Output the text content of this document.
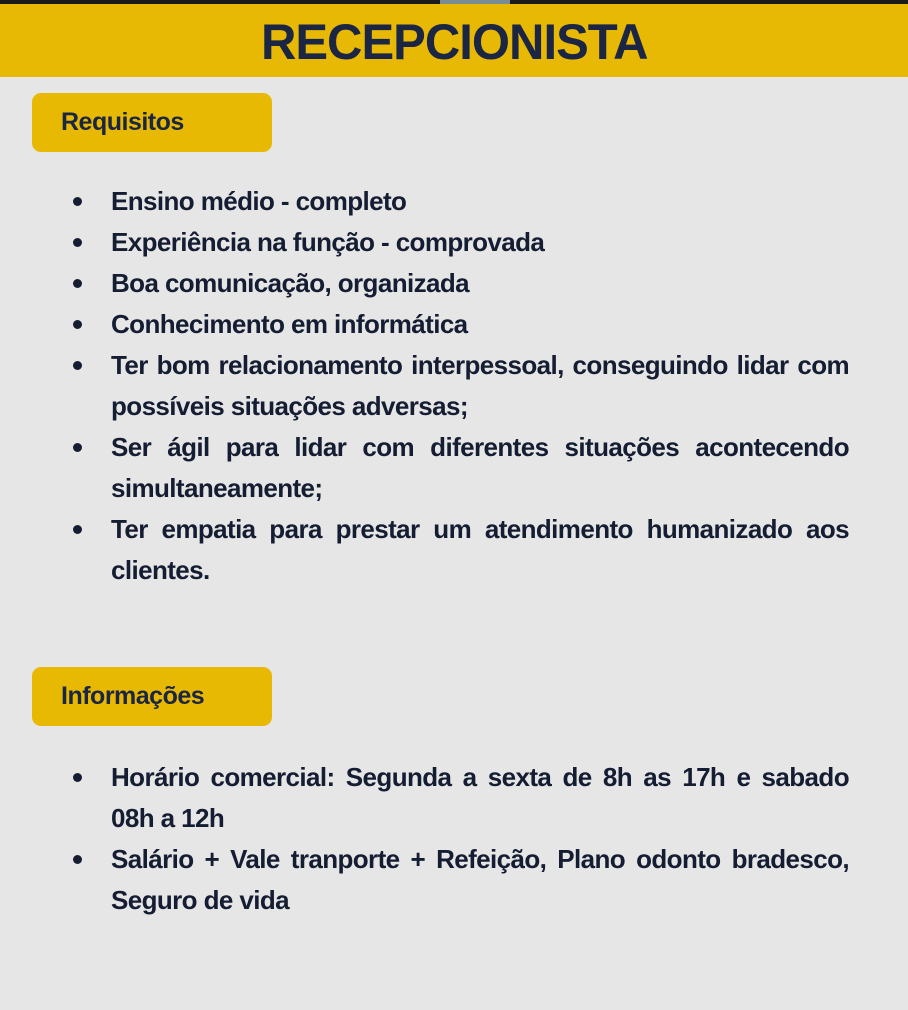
RECEPCIONISTA
Requisitos
Ensino médio - completo
Experiência na função - comprovada
Boa comunicação, organizada
Conhecimento em informática
Ter bom relacionamento interpessoal, conseguindo lidar com possíveis situações adversas;
Ser ágil para lidar com diferentes situações acontecendo simultaneamente;
Ter empatia para prestar um atendimento humanizado aos clientes.
Informações
Horário comercial: Segunda a sexta de 8h as 17h e sabado 08h a 12h
Salário + Vale tranporte + Refeição, Plano odonto bradesco, Seguro de vida
